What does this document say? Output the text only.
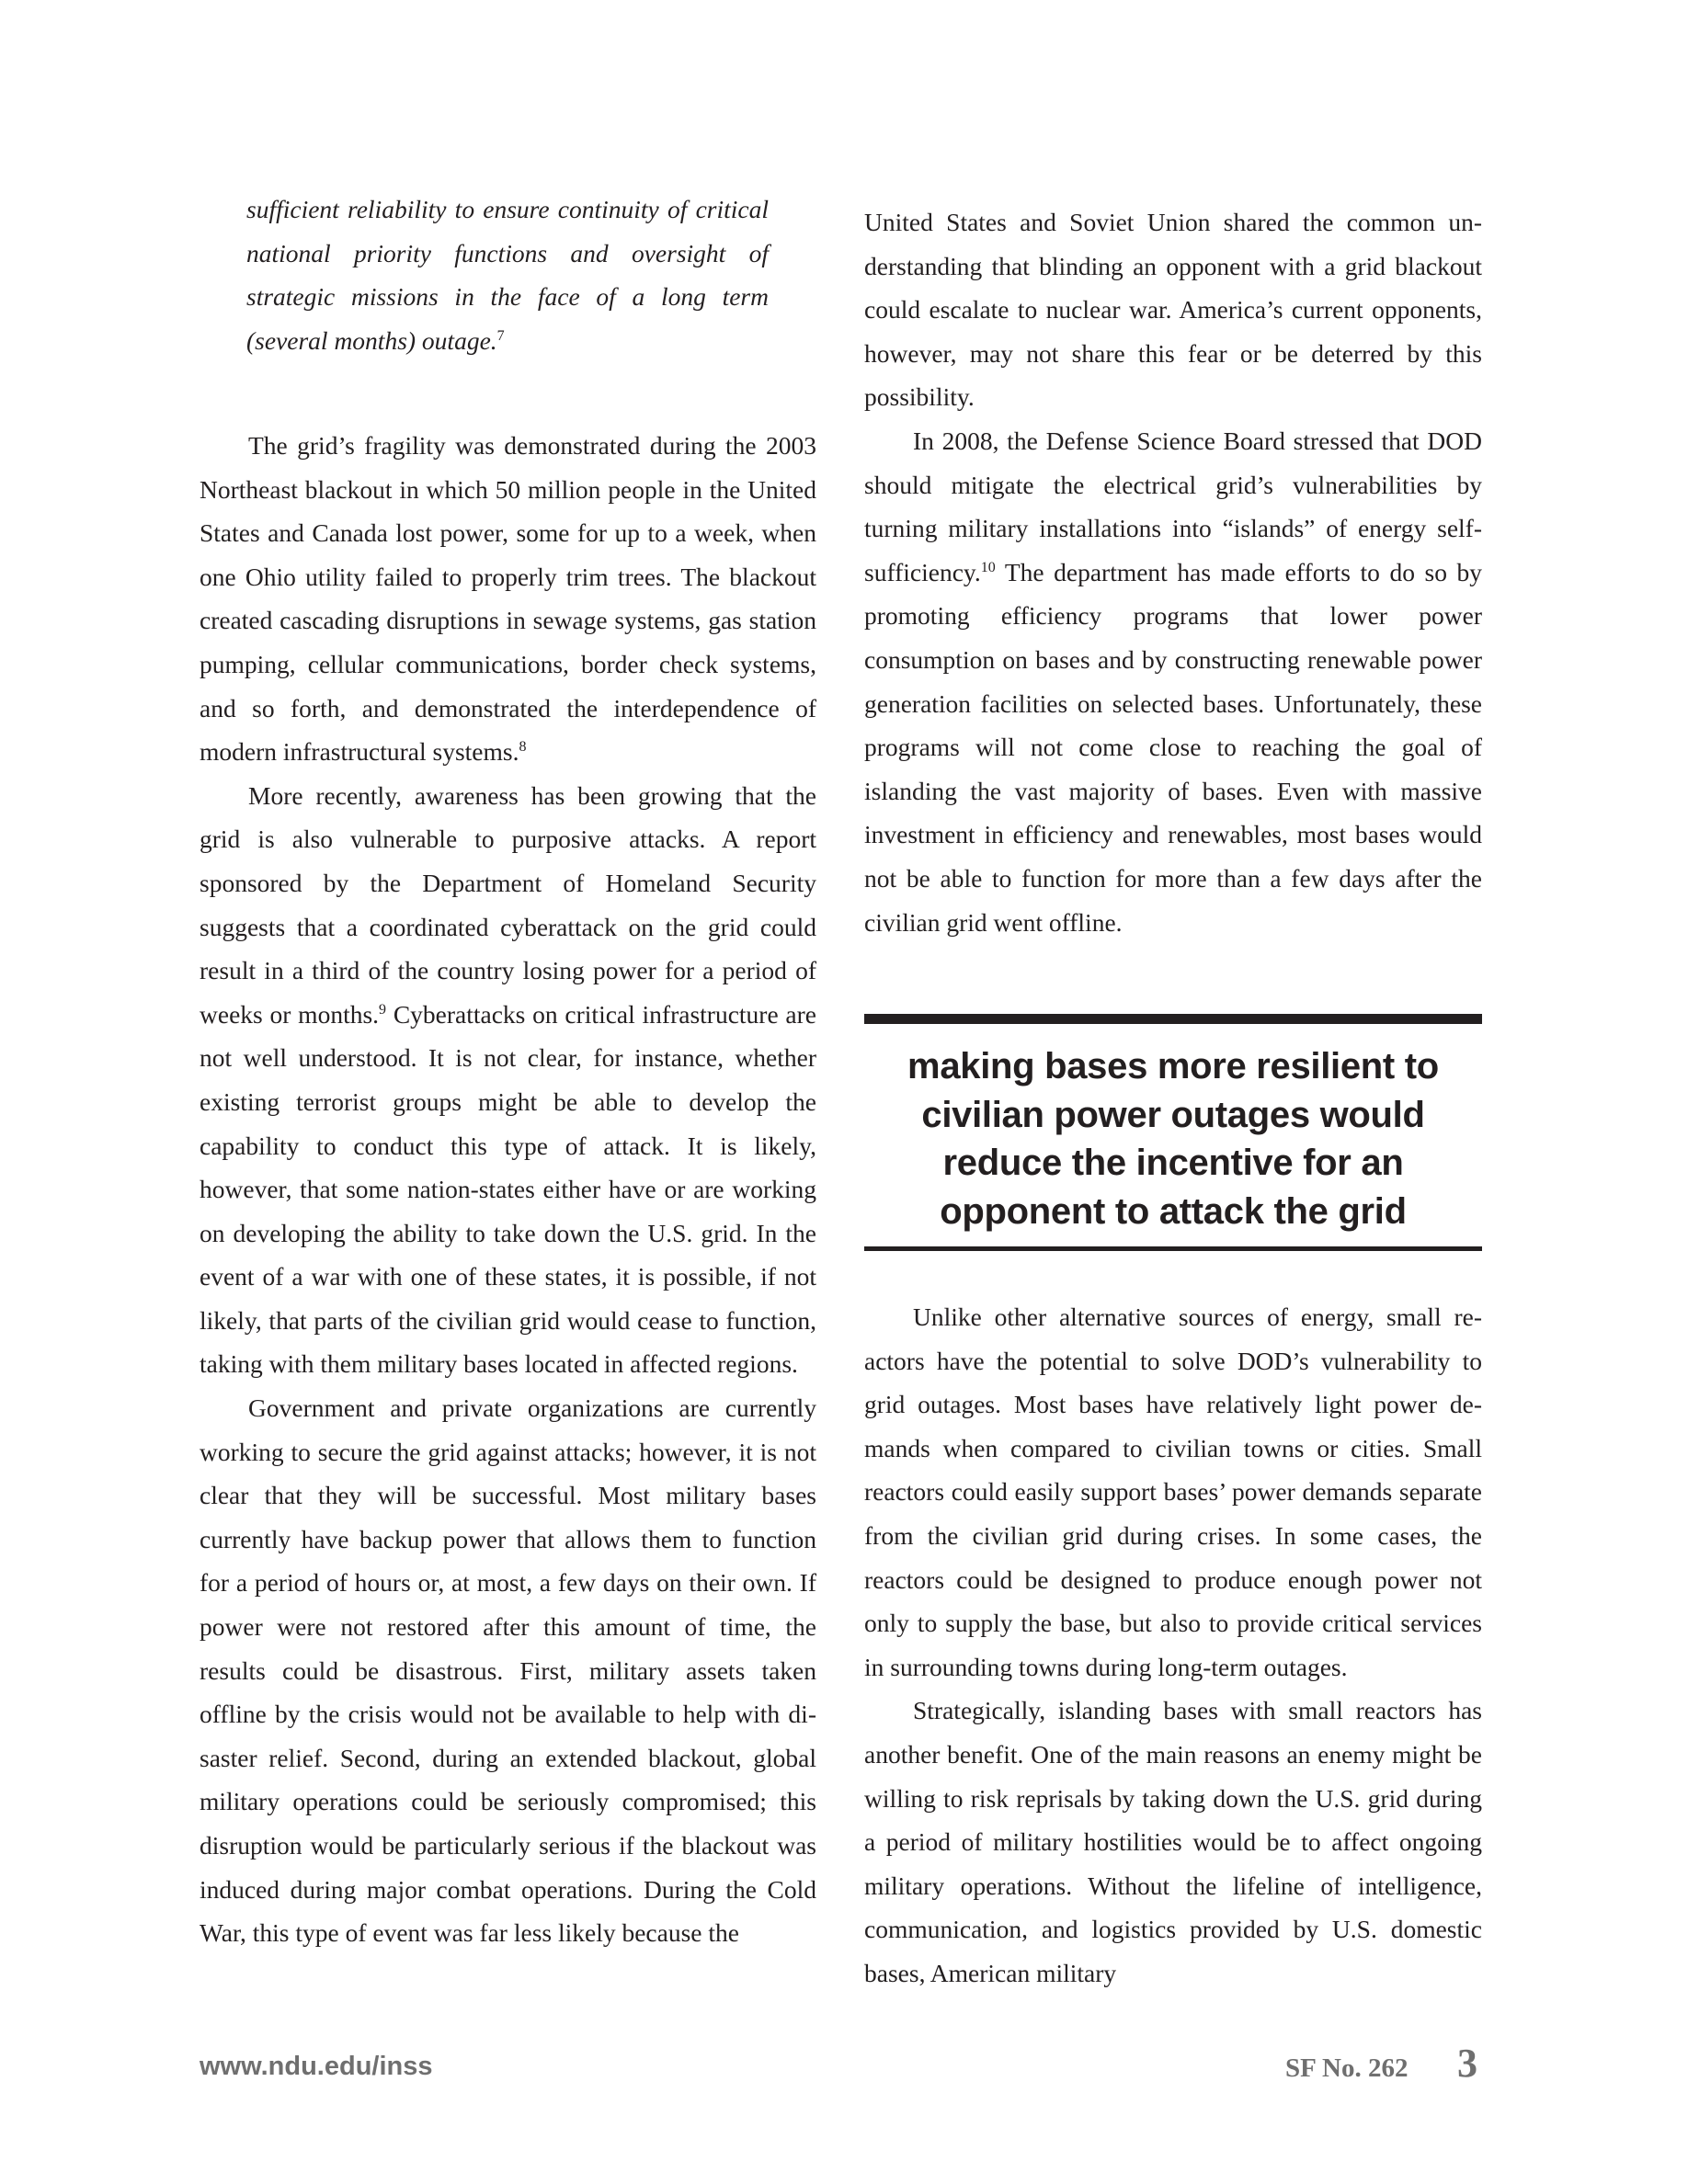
sufficient reliability to ensure continuity of critical national priority functions and oversight of strategic missions in the face of a long term (several months) outage.$^7$

The grid’s fragility was demonstrated during the 2003 Northeast blackout in which 50 million people in the United States and Canada lost power, some for up to a week, when one Ohio utility failed to properly trim trees. The blackout created cascading disruptions in sewage systems, gas station pumping, cellular communications, border check systems, and so forth, and demonstrated the interdependence of modern infrastructural systems.$^8$

More recently, awareness has been growing that the grid is also vulnerable to purposive attacks. A report sponsored by the Department of Homeland Security suggests that a coordinated cyberattack on the grid could result in a third of the country losing power for a period of weeks or months.$^9$ Cyberattacks on critical infrastructure are not well understood. It is not clear, for instance, whether existing terrorist groups might be able to develop the capability to conduct this type of attack. It is likely, however, that some nation-states either have or are working on developing the ability to take down the U.S. grid. In the event of a war with one of these states, it is possible, if not likely, that parts of the civilian grid would cease to function, taking with them military bases located in affected regions.

Government and private organizations are currently working to secure the grid against attacks; however, it is not clear that they will be successful. Most military bases currently have backup power that allows them to function for a period of hours or, at most, a few days on their own. If power were not restored after this amount of time, the results could be disastrous. First, military assets taken offline by the crisis would not be available to help with disaster relief. Second, during an extended blackout, global military operations could be seriously compromised; this disruption would be particularly serious if the blackout was induced during major combat operations. During the Cold War, this type of event was far less likely because the

United States and Soviet Union shared the common understanding that blinding an opponent with a grid blackout could escalate to nuclear war. America’s current opponents, however, may not share this fear or be deterred by this possibility.

In 2008, the Defense Science Board stressed that DOD should mitigate the electrical grid’s vulnerabilities by turning military installations into “islands” of energy self-sufficiency.$^{10}$ The department has made efforts to do so by promoting efficiency programs that lower power consumption on bases and by constructing renewable power generation facilities on selected bases. Unfortunately, these programs will not come close to reaching the goal of islanding the vast majority of bases. Even with massive investment in efficiency and renewables, most bases would not be able to function for more than a few days after the civilian grid went offline.

making bases more resilient to civilian power outages would reduce the incentive for an opponent to attack the grid

Unlike other alternative sources of energy, small reactors have the potential to solve DOD’s vulnerability to grid outages. Most bases have relatively light power demands when compared to civilian towns or cities. Small reactors could easily support bases’ power demands separate from the civilian grid during crises. In some cases, the reactors could be designed to produce enough power not only to supply the base, but also to provide critical services in surrounding towns during long-term outages.

Strategically, islanding bases with small reactors has another benefit. One of the main reasons an enemy might be willing to risk reprisals by taking down the U.S. grid during a period of military hostilities would be to affect ongoing military operations. Without the lifeline of intelligence, communication, and logistics provided by U.S. domestic bases, American military

www.ndu.edu/inss	SF No. 262 3
